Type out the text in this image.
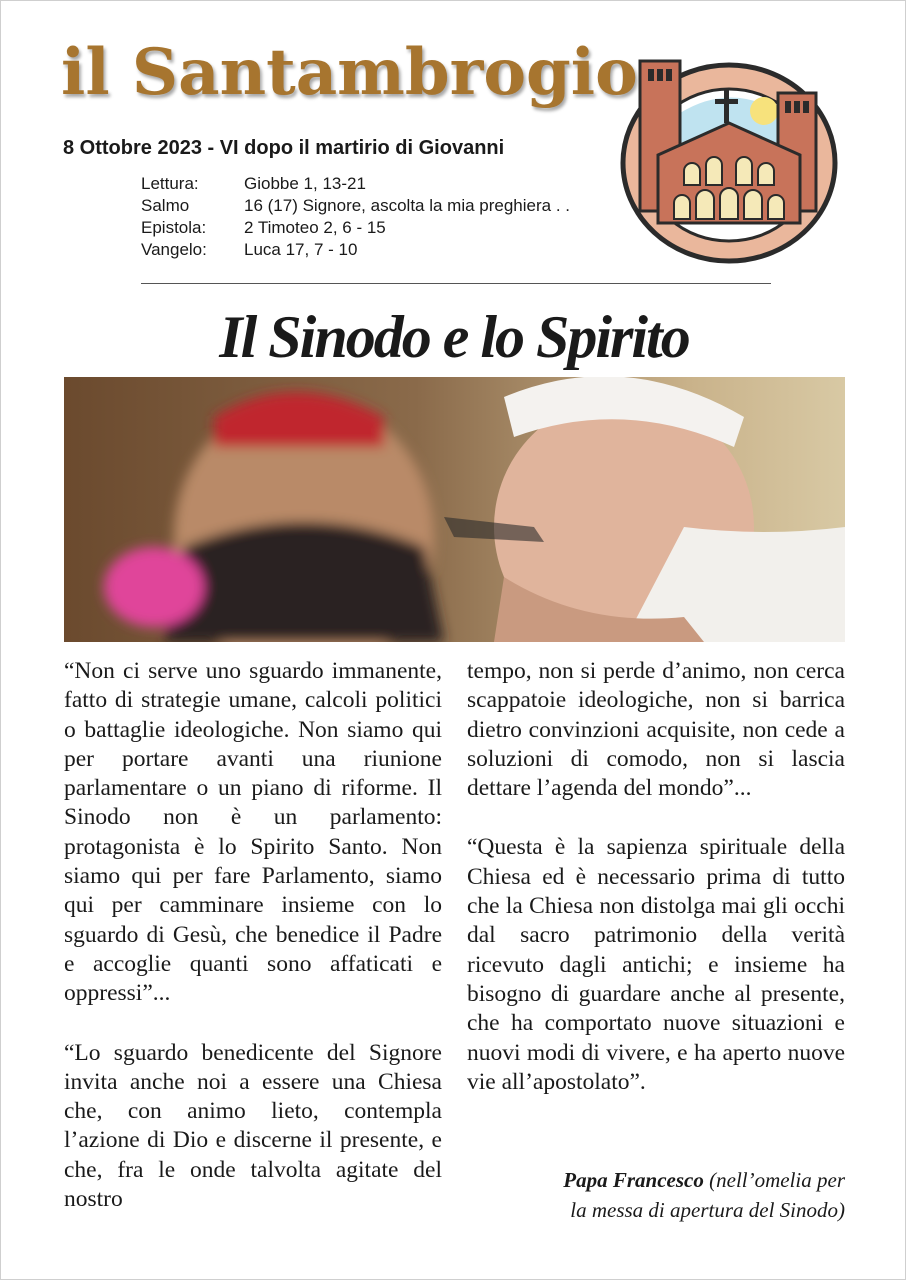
il Santambrogio
8 Ottobre 2023 - VI dopo il martirio di Giovanni
Lettura:	Giobbe 1, 13-21
Salmo	16 (17) Signore, ascolta la mia preghiera . .
Epistola:	2 Timoteo 2, 6 - 15
Vangelo:	Luca 17, 7 - 10
Il Sinodo e lo Spirito

“Non ci serve uno sguardo immanente, fatto di strategie umane, calcoli politici o battaglie ideologiche. Non siamo qui per portare avanti una riunione parlamentare o un piano di riforme. Il Sinodo non è un parlamento: protagonista è lo Spirito Santo. Non siamo qui per fare Parlamento, siamo qui per camminare insieme con lo sguardo di Gesù, che benedice il Padre e accoglie quanti sono affaticati e oppressi”...

“Lo sguardo benedicente del Signore invita anche noi a essere una Chiesa che, con animo lieto, contempla l’azione di Dio e discerne il presente, e che, fra le onde talvolta agitate del nostro

tempo, non si perde d’animo, non cerca scappatoie ideologiche, non si barrica dietro convinzioni acquisite, non cede a soluzioni di comodo, non si lascia dettare l’agenda del mondo”...

“Questa è la sapienza spirituale della Chiesa ed è necessario prima di tutto che la Chiesa non distolga mai gli occhi dal sacro patrimonio della verità ricevuto dagli antichi; e insieme ha bisogno di guardare anche al presente, che ha comportato nuove situazioni e nuovi modi di vivere, e ha aperto nuove vie all’apostolato”.

Papa Francesco (nell’omelia per
la messa di apertura del Sinodo)
